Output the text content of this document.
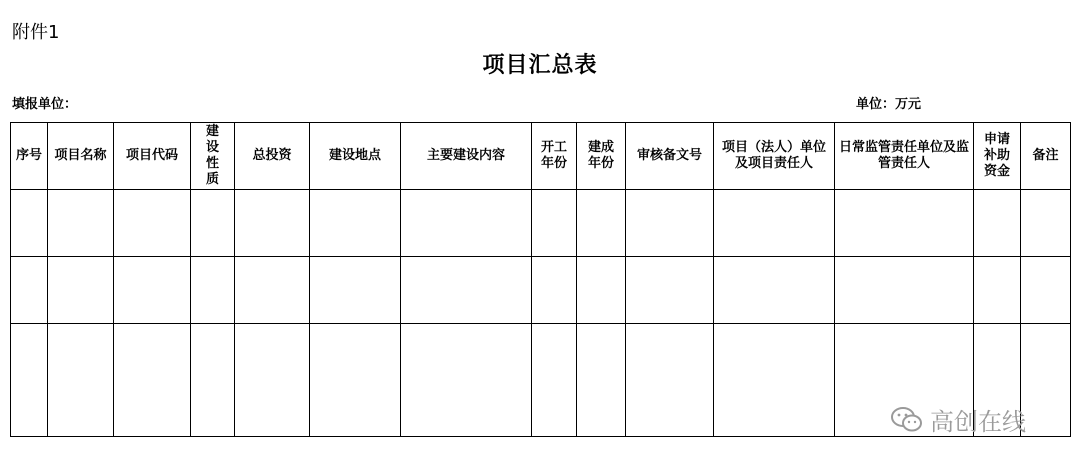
附件1
项目汇总表
填报单位：	单位：万元
序号	项目名称	项目代码	建设性质	总投资	建设地点	主要建设内容	开工年份	建成年份	审核备文号	项目（法人）单位及项目责任人	日常监管责任单位及监管责任人	申请补助资金	备注

高创在线
